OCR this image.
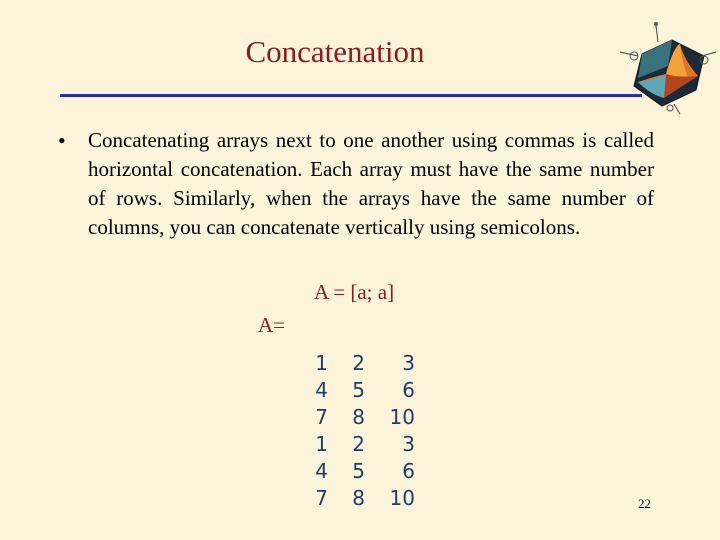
Concatenation
•	Concatenating arrays next to one another using commas is called horizontal concatenation. Each array must have the same number of rows. Similarly, when the arrays have the same number of columns, you can concatenate vertically using semicolons.
A = [a; a]
A=
1	2	3
4	5	6
7	8	10
1	2	3
4	5	6
7	8	10	22
